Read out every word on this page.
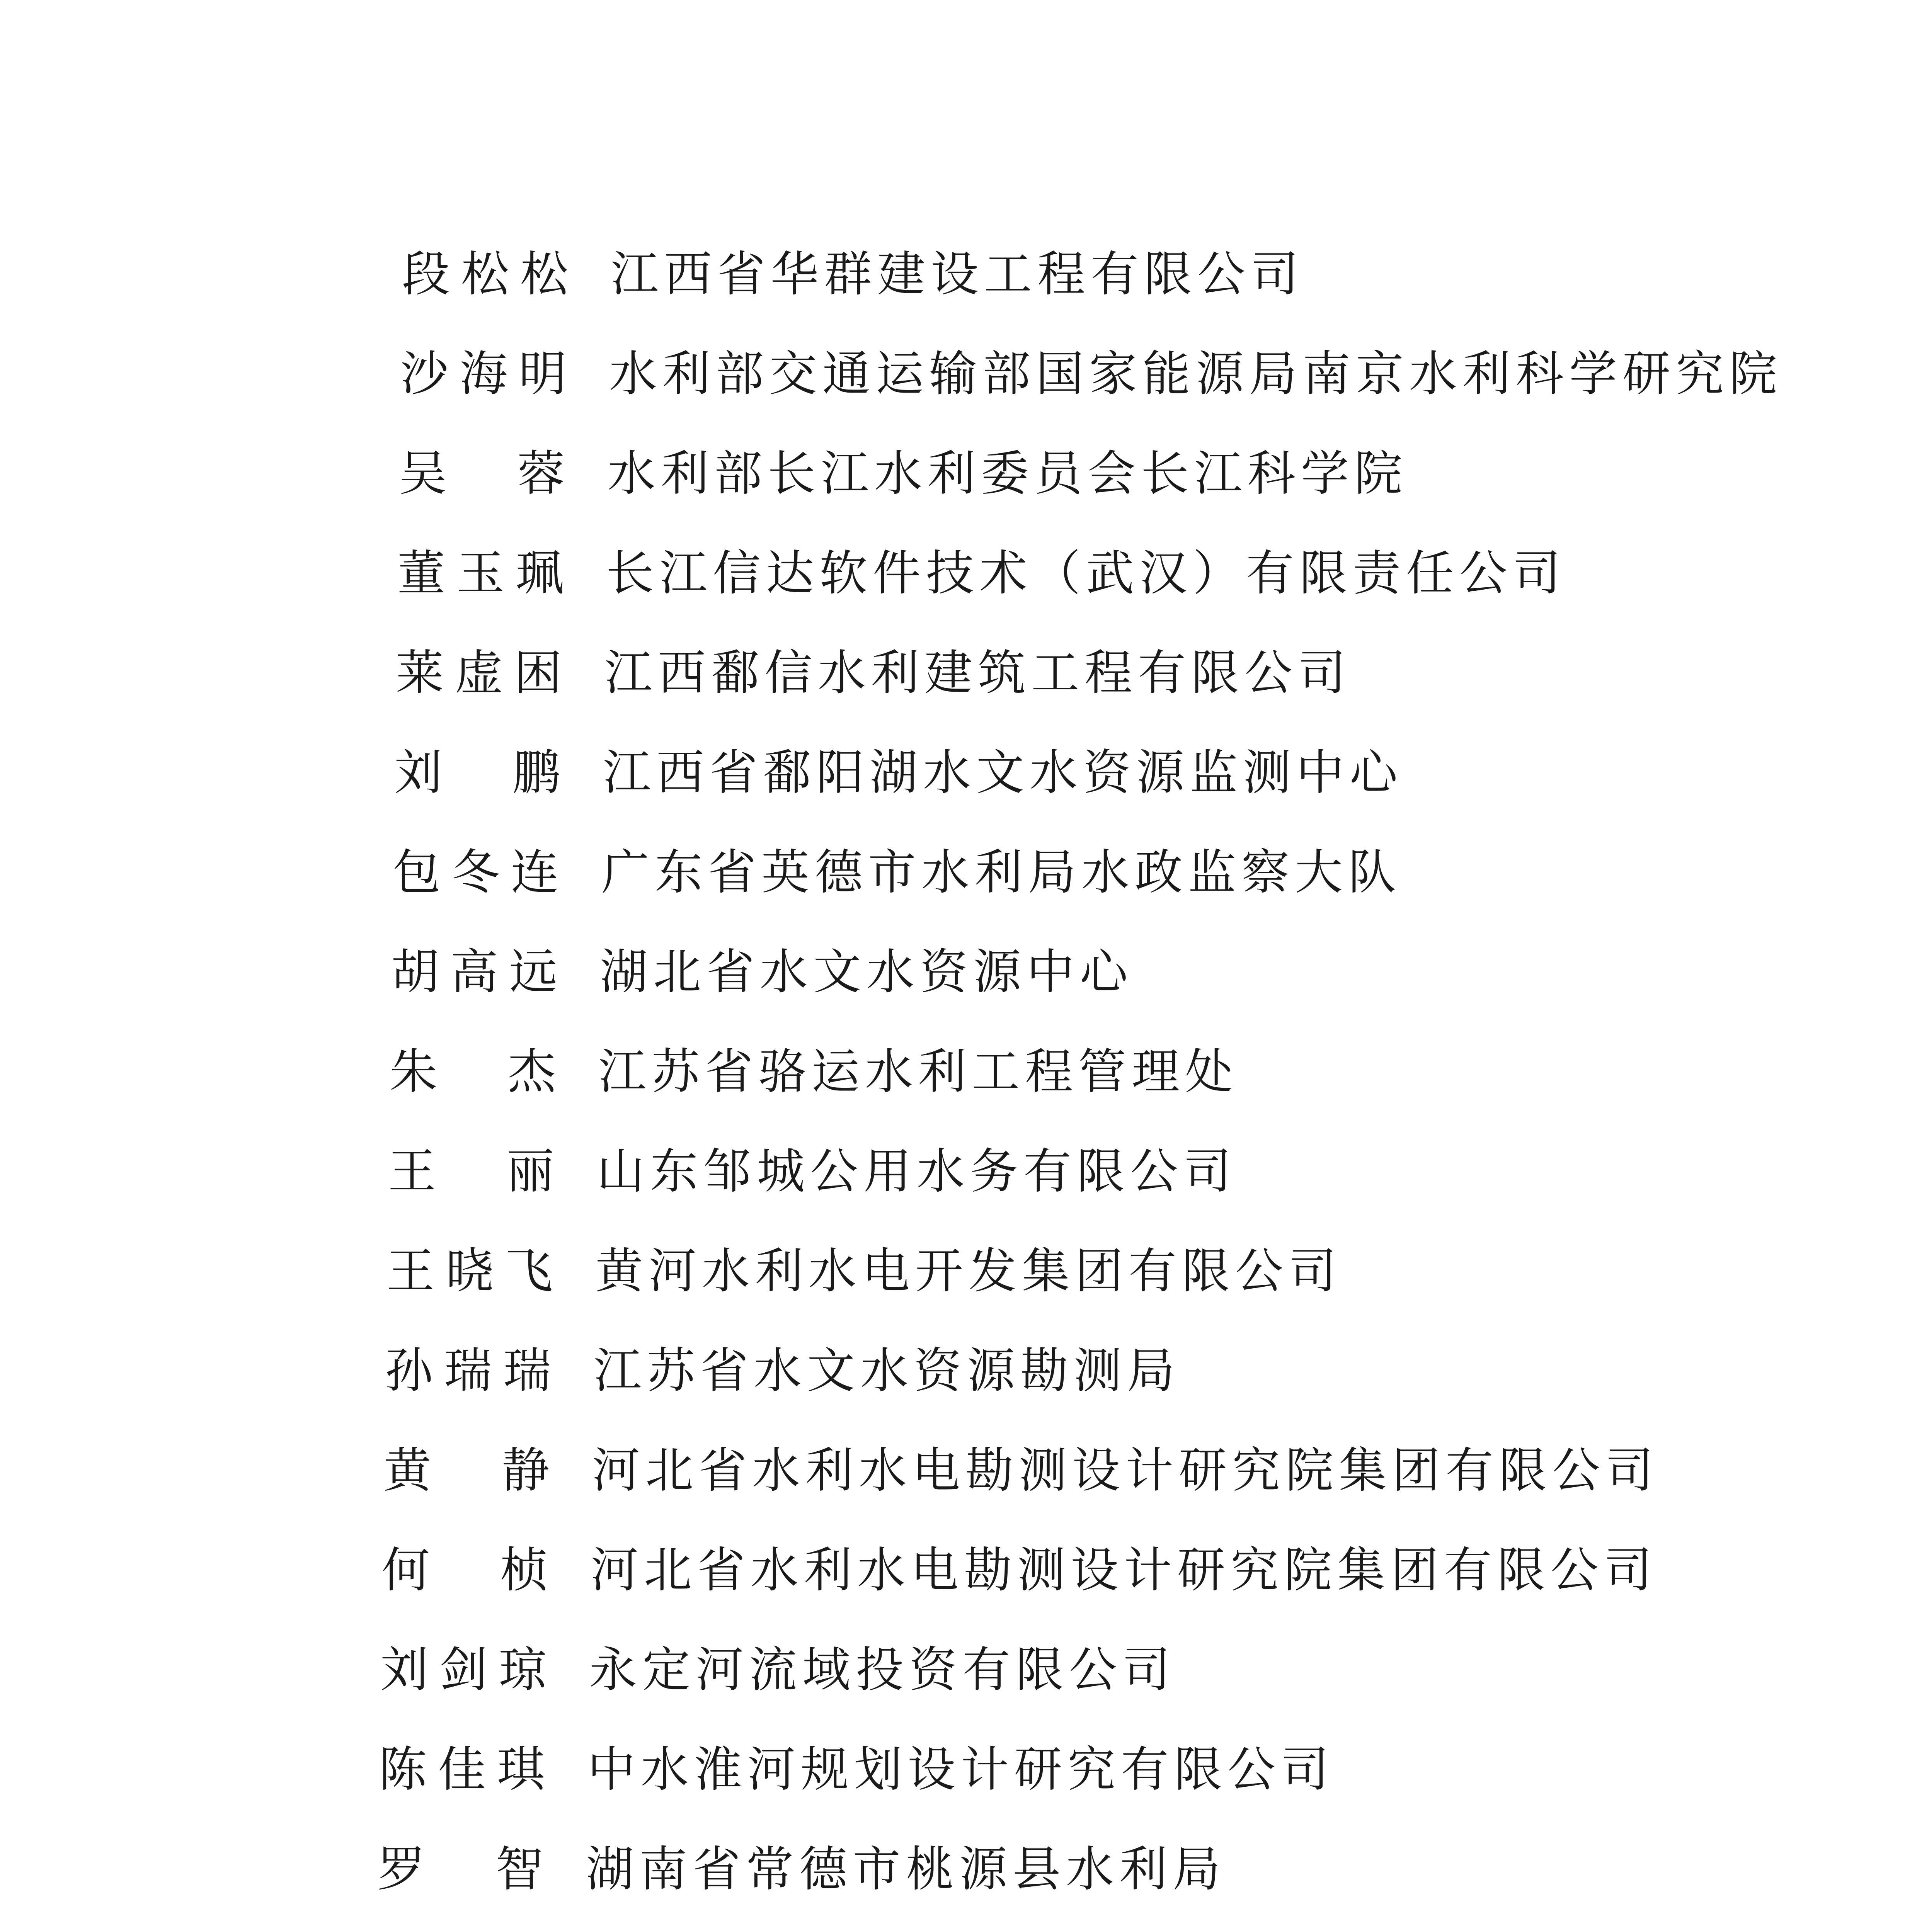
段 松 松 江西省华群建设工程有限公司
沙 海 明 水利部交通运输部国家能源局南京水利科学研究院
吴 蓉 水利部长江水利委员会长江科学院
董 玉 珮 长江信达软件技术（武汉）有限责任公司
莱 虚 困 江西鄱信水利建筑工程有限公司
刘 鹏 江西省鄱阳湖水文水资源监测中心
包 冬 连 广东省英德市水利局水政监察大队
胡 高 远 湖北省水文水资源中心
朱 杰 江苏省骆运水利工程管理处
王 丽 山东邹城公用水务有限公司
王 晓 飞 黄河水利水电开发集团有限公司
孙 瑞 瑞 江苏省水文水资源勘测局
黄 静 河北省水利水电勘测设计研究院集团有限公司
何 桢 河北省水利水电勘测设计研究院集团有限公司
刘 剑 琼 永定河流域投资有限公司
陈 佳 琪 中水淮河规划设计研究有限公司
罗 智 湖南省常德市桃源县水利局
